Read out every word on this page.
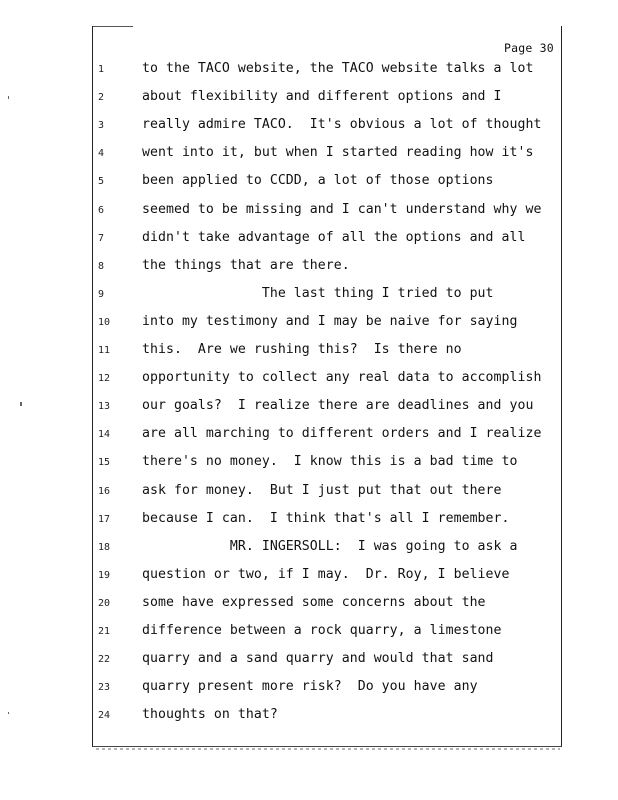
Page 30
1	to the TACO website, the TACO website talks a lot
2	about flexibility and different options and I
3	really admire TACO.  It's obvious a lot of thought
4	went into it, but when I started reading how it's
5	been applied to CCDD, a lot of those options
6	seemed to be missing and I can't understand why we
7	didn't take advantage of all the options and all
8	the things that are there.
9	The last thing I tried to put
10	into my testimony and I may be naive for saying
11	this.  Are we rushing this?  Is there no
12	opportunity to collect any real data to accomplish
13	our goals?  I realize there are deadlines and you
14	are all marching to different orders and I realize
15	there's no money.  I know this is a bad time to
16	ask for money.  But I just put that out there
17	because I can.  I think that's all I remember.
18	MR. INGERSOLL:  I was going to ask a
19	question or two, if I may.  Dr. Roy, I believe
20	some have expressed some concerns about the
21	difference between a rock quarry, a limestone
22	quarry and a sand quarry and would that sand
23	quarry present more risk?  Do you have any
24	thoughts on that?
